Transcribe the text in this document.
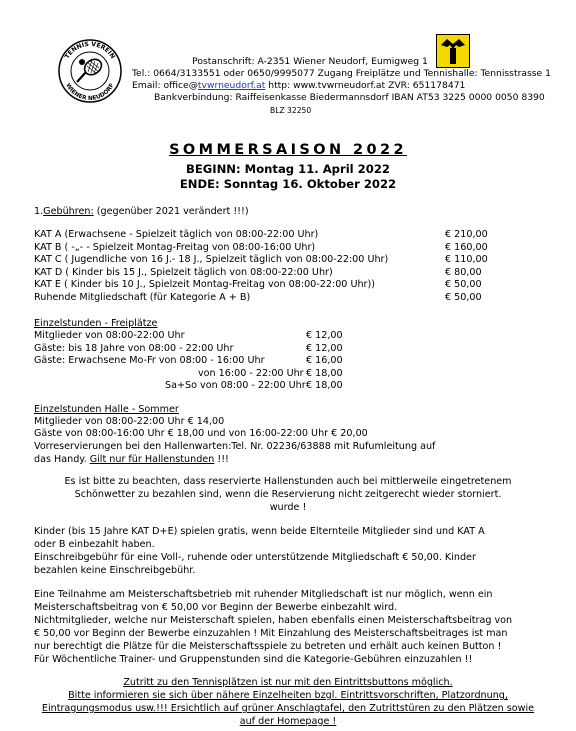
TENNIS VEREIN
WIENER NEUDORF
Postanschrift: A-2351 Wiener Neudorf, Eumigweg 1
Tel.: 0664/3133551 oder 0650/9995077 Zugang Freiplätze und Tennishalle: Tennisstrasse 1
Email: office@tvwrneudorf.at http: www.tvwrneudorf.at ZVR: 651178471
Bankverbindung: Raiffeisenkasse Biedermannsdorf IBAN AT53 3225 0000 0050 8390
BLZ 32250
SOMMERSAISON 2022
BEGINN: Montag 11. April 2022
ENDE: Sonntag 16. Oktober 2022
1.Gebühren: (gegenüber 2021 verändert !!!)
KAT A (Erwachsene - Spielzeit täglich von 08:00-22:00 Uhr)	€ 210,00
KAT B ( -„- - Spielzeit Montag-Freitag von 08:00-16:00 Uhr)	€ 160,00
KAT C ( Jugendliche von 16 J.- 18 J., Spielzeit täglich von 08:00-22:00 Uhr)	€ 110,00
KAT D ( Kinder bis 15 J., Spielzeit täglich von 08:00-22:00 Uhr)	€ 80,00
KAT E ( Kinder bis 10 J., Spielzeit Montag-Freitag von 08:00-22:00 Uhr))	€ 50,00
Ruhende Mitgliedschaft (für Kategorie A + B)	€ 50,00
Einzelstunden - Freiplätze
Mitglieder von 08:00-22:00 Uhr	€ 12,00
Gäste: bis 18 Jahre von 08:00 - 22:00 Uhr	€ 12,00
Gäste: Erwachsene Mo-Fr von 08:00 - 16:00 Uhr	€ 16,00
von 16:00 - 22:00 Uhr € 18,00
Sa+So von 08:00 - 22:00 Uhr € 18,00
Einzelstunden Halle - Sommer
Mitglieder von 08:00-22:00 Uhr € 14,00
Gäste von 08:00-16:00 Uhr € 18,00 und von 16:00-22:00 Uhr € 20,00
Vorreservierungen bei den Hallenwarten:Tel. Nr. 02236/63888 mit Rufumleitung auf
das Handy. Gilt nur für Hallenstunden !!!
Es ist bitte zu beachten, dass reservierte Hallenstunden auch bei mittlerweile eingetretenem
Schönwetter zu bezahlen sind, wenn die Reservierung nicht zeitgerecht wieder storniert.
wurde !
Kinder (bis 15 Jahre KAT D+E) spielen gratis, wenn beide Elternteile Mitglieder sind und KAT A
oder B einbezahlt haben.
Einschreibgebühr für eine Voll-, ruhende oder unterstützende Mitgliedschaft € 50,00. Kinder
bezahlen keine Einschreibgebühr.
Eine Teilnahme am Meisterschaftsbetrieb mit ruhender Mitgliedschaft ist nur möglich, wenn ein
Meisterschaftsbeitrag von € 50,00 vor Beginn der Bewerbe einbezahlt wird.
Nichtmitglieder, welche nur Meisterschaft spielen, haben ebenfalls einen Meisterschaftsbeitrag von
€ 50,00 vor Beginn der Bewerbe einzuzahlen ! Mit Einzahlung des Meisterschaftsbeitrages ist man
nur berechtigt die Plätze für die Meisterschaftsspiele zu betreten und erhält auch keinen Button !
Für Wöchentliche Trainer- und Gruppenstunden sind die Kategorie-Gebühren einzuzahlen !!
Zutritt zu den Tennisplätzen ist nur mit den Eintrittsbuttons möglich.
Bitte informieren sie sich über nähere Einzelheiten bzgl. Eintrittsvorschriften, Platzordnung,
Eintragungsmodus usw.!!! Ersichtlich auf grüner Anschlagtafel, den Zutrittstüren zu den Plätzen sowie
auf der Homepage !
